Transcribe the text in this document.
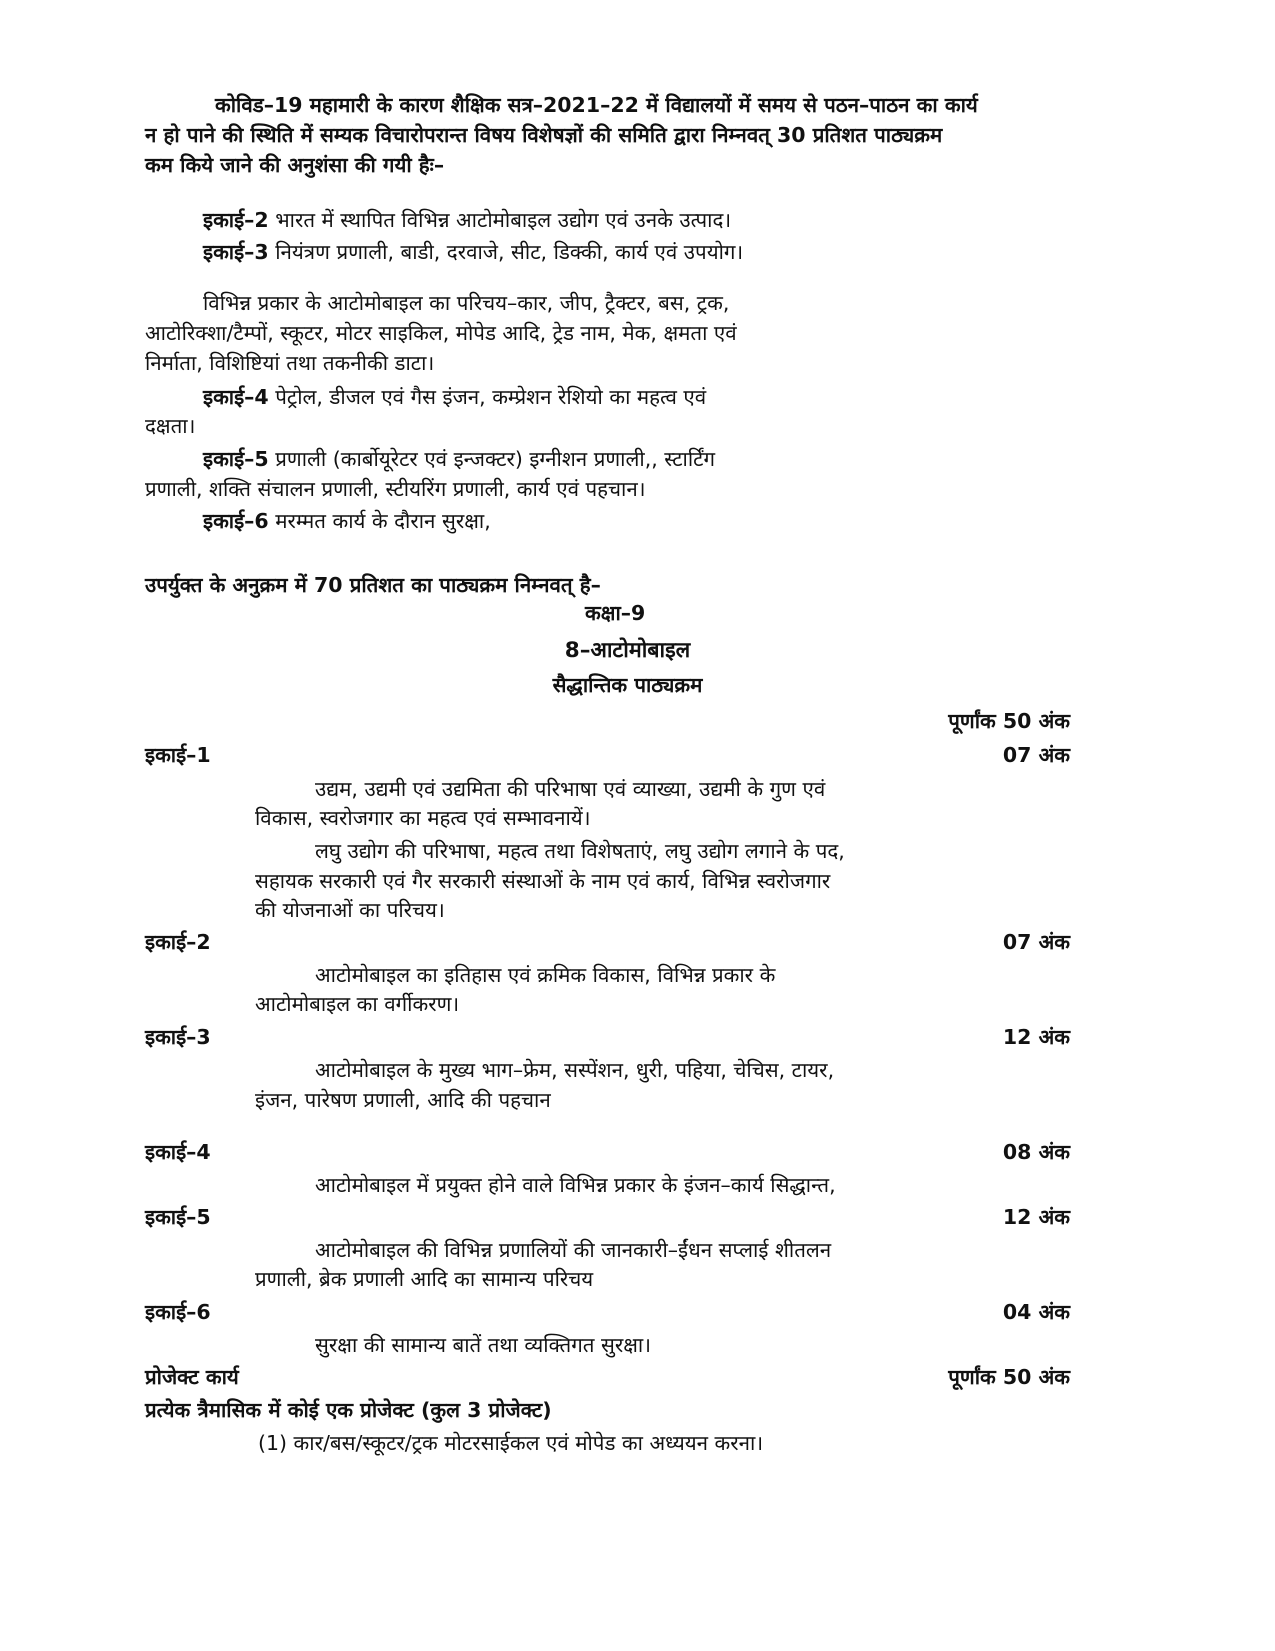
कोविड–19 महामारी के कारण शैक्षिक सत्र–2021–22 में विद्यालयों में समय से पठन–पाठन का कार्य
न हो पाने की स्थिति में सम्यक विचारोपरान्त विषय विशेषज्ञों की समिति द्वारा निम्नवत् 30 प्रतिशत पाठ्यक्रम
कम किये जाने की अनुशंसा की गयी हैः–
इकाई–2 भारत में स्थापित विभिन्न आटोमोबाइल उद्योग एवं उनके उत्पाद।
इकाई–3 नियंत्रण प्रणाली, बाडी, दरवाजे, सीट, डिक्की, कार्य एवं उपयोग।
विभिन्न प्रकार के आटोमोबाइल का परिचय–कार, जीप, ट्रैक्टर, बस, ट्रक,
आटोरिक्शा/टैम्पों, स्कूटर, मोटर साइकिल, मोपेड आदि, ट्रेड नाम, मेक, क्षमता एवं
निर्माता, विशिष्टियां तथा तकनीकी डाटा।
इकाई–4 पेट्रोल, डीजल एवं गैस इंजन, कम्प्रेशन रेशियो का महत्व एवं
दक्षता।
इकाई–5 प्रणाली (कार्बोयूरेटर एवं इन्जक्टर) इग्नीशन प्रणाली,, स्टार्टिंग
प्रणाली, शक्ति संचालन प्रणाली, स्टीयरिंग प्रणाली, कार्य एवं पहचान।
इकाई–6 मरम्मत कार्य के दौरान सुरक्षा,
उपर्युक्त के अनुक्रम में 70 प्रतिशत का पाठ्यक्रम निम्नवत् है–
कक्षा–9
8–आटोमोबाइल
सैद्धान्तिक पाठ्यक्रम
पूर्णांक 50 अंक
इकाई–1	07 अंक
उद्यम, उद्यमी एवं उद्यमिता की परिभाषा एवं व्याख्या, उद्यमी के गुण एवं
विकास, स्वरोजगार का महत्व एवं सम्भावनायें।
लघु उद्योग की परिभाषा, महत्व तथा विशेषताएं, लघु उद्योग लगाने के पद,
सहायक सरकारी एवं गैर सरकारी संस्थाओं के नाम एवं कार्य, विभिन्न स्वरोजगार
की योजनाओं का परिचय।
इकाई–2	07 अंक
आटोमोबाइल का इतिहास एवं क्रमिक विकास, विभिन्न प्रकार के
आटोमोबाइल का वर्गीकरण।
इकाई–3	12 अंक
आटोमोबाइल के मुख्य भाग–फ्रेम, सस्पेंशन, धुरी, पहिया, चेचिस, टायर,
इंजन, पारेषण प्रणाली, आदि की पहचान
इकाई–4	08 अंक
आटोमोबाइल में प्रयुक्त होने वाले विभिन्न प्रकार के इंजन–कार्य सिद्धान्त,
इकाई–5	12 अंक
आटोमोबाइल की विभिन्न प्रणालियों की जानकारी–ईंधन सप्लाई शीतलन
प्रणाली, ब्रेक प्रणाली आदि का सामान्य परिचय
इकाई–6	04 अंक
सुरक्षा की सामान्य बातें तथा व्यक्तिगत सुरक्षा।
प्रोजेक्ट कार्य	पूर्णांक 50 अंक
प्रत्येक त्रैमासिक में कोई एक प्रोजेक्ट (कुल 3 प्रोजेक्ट)
(1) कार/बस/स्कूटर/ट्रक मोटरसाईकल एवं मोपेड का अध्ययन करना।
